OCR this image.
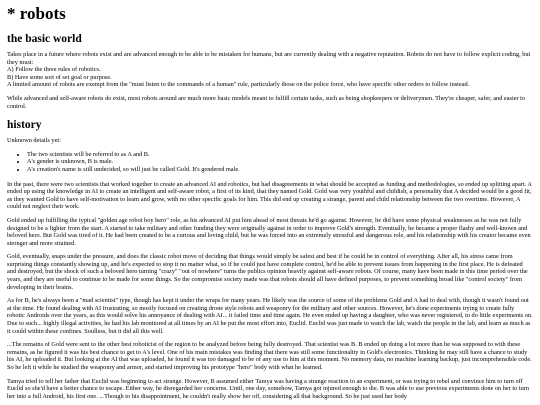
* robots
the basic world

Takes place in a future where robots exist and are advanced enough to be able to be mistaken for humans, but are currently dealing with a negative reputation. Robots do not have to follow explicit coding, but they must:
A) Follow the three rules of robotics.
B) Have some sort of set goal or purpose.
A limited amount of robots are exempt from the "must listen to the commands of a human" rule, particularly those on the police force, who have specific other orders to follow instead.

While advanced and self-aware robots do exist, most robots around are much more basic models meant to fulfill certain tasks, such as being shopkeepers or deliverymen. They're cheaper, safer, and easier to control.

history

Unknown details yet:

• The two scientists will be referred to as A and B.
• A's gender is unknown, B is male.
• A's creation's name is still undecided, so will just be called Gold. It's gendered male.

In the past, there were two scientists that worked together to create an advanced AI and robotics, but had disagreements in what should be accepted as funding and methodologies, so ended up splitting apart. A ended up using the knowledge in AI to create an intelligent and self-aware robot, a first of its kind, that they named Gold. Gold was very youthful and childish, a personality that A decided would be a good fit, as they wanted Gold to have self-motivation to learn and grow, with no other specific goals for him. This did end up creating a strange, parent and child relationship between the two overtime. However, A could not neglect their work.

Gold ended up fulfilling the typical "golden age robot boy hero" role, as his advanced AI put him ahead of most threats he'd go against. However, he did have some physical weaknesses as he was not fully designed to be a fighter from the start. A started to take military and other funding they were originally against in order to improve Gold's strength. Eventually, he became a proper flashy and well-known and beloved hero. But Gold was tired of it. He had been created to be a curious and loving child, but he was forced into an extremely stressful and dangerous role, and his relationship with his creator became even stronger and more strained.

Gold, eventually, snaps under the pressure, and does the classic robot move of deciding that things would simply be safest and best if he could be in control of everything. After all, his stress came from surprising things constantly showing up, and he's expected to stop it no matter what, so if he could just have complete control, he'd be able to prevent issues from happening in the first place. He is defeated and destroyed, but the shock of such a beloved hero turning "crazy" "out of nowhere" turns the publics opinion heavily against self-aware robots. Of course, many have been made in this time period over the years, and they are useful to continue to be made for some things. So the compromise society made was that robots should all have defined purposes, to prevent something broad like "control society" from developing in their brains.

As for B, he's always been a "mad scientist" type, though has kept it under the wraps for many years. He likely was the source of some of the problems Gold and A had to deal with, though it wasn't found out at the time. He found dealing with AI frustrating, so mostly focused on creating drone style robots and weaponry for the military and other sources. However, he's done experiments trying to create fully robotic Androids over the years, as this would solve his annoyance of dealing with AI... it failed time and time again. He even ended up having a daughter, who was never registered, to do little experiments on. Due to such... highly illegal activities, he had his lab monitored at all times by an AI he put the most effort into, Euclid. Euclid was just made to watch the lab, watch the people in the lab, and learn as much as it could within these confines. Soulless, but it did all this well.

...The remains of Gold were sent to the other best roboticist of the region to be analyzed before being fully destroyed. That scientist was B. B ended up doing a lot more than he was supposed to with these remains, as he figured it was his best chance to get to A's level. One of his main mistakes was finding that there was still some functionality in Gold's electronics. Thinking he may still have a chance to study his AI, he uploaded it. But looking at the AI that was uploaded, he found it was too damaged to be of any use to him at this moment. No memory data, no machine learning backup, just incomprehensible code. So he left it while he studied the weaponry and armor, and started improving his prototype "hero" body with what he learned.

Tamya tried to tell her father that Euclid was beginning to act strange. However, B assumed either Tamya was having a strange reaction to an experiment, or was trying to rebel and convince him to turn off Euclid so she'd have a better chance to escape. Either way, he disregarded her concerns. Until, one day, somehow, Tamya got injured enough to die. B was able to use previous experiments done on her to turn her into a full Android, his first one. ...Though to his disappointment, he couldn't really show her off, considering all that background. So he just used her body
